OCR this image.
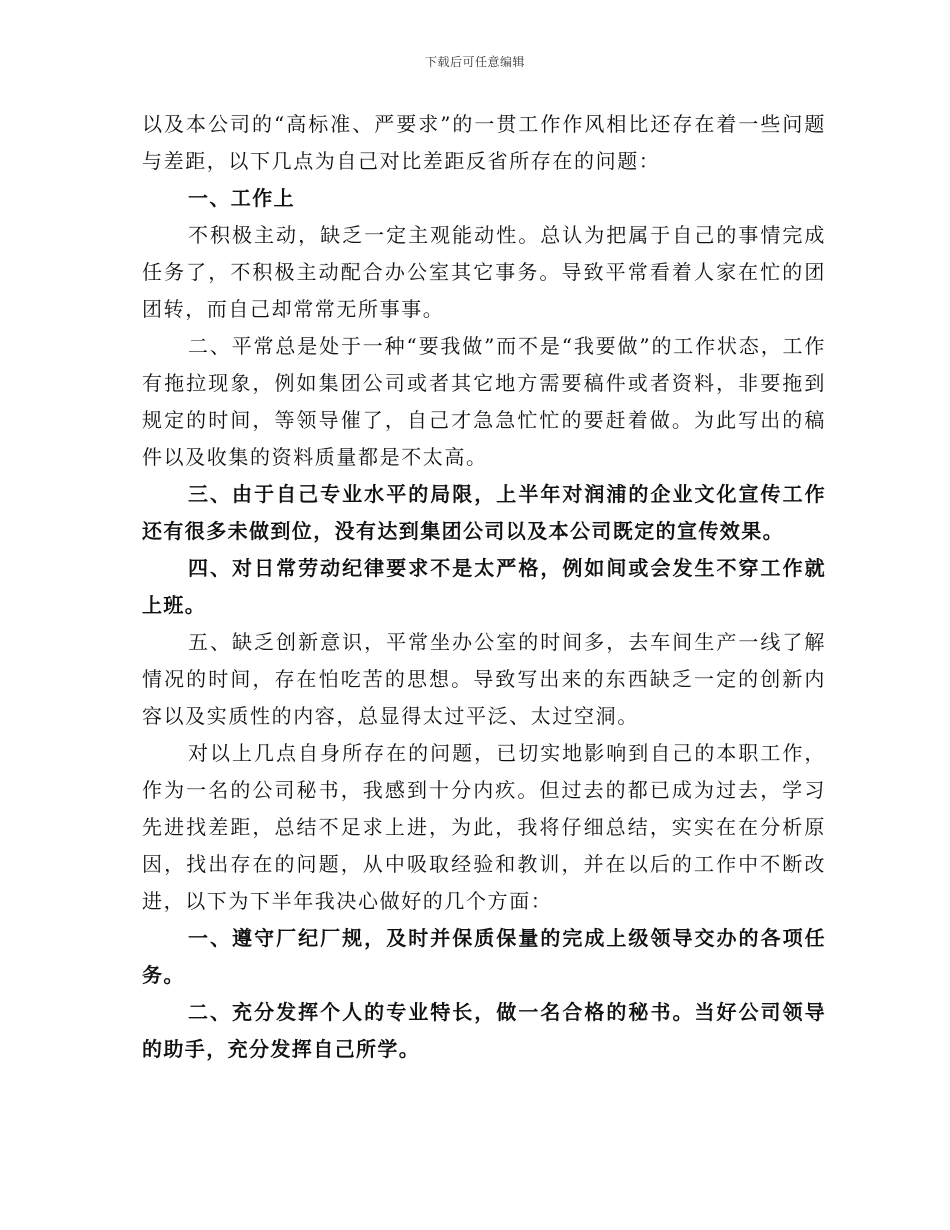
下载后可任意编辑

以及本公司的“高标准、严要求”的一贯工作作风相比还存在着一些问题与差距，以下几点为自己对比差距反省所存在的问题：

一、工作上

不积极主动，缺乏一定主观能动性。总认为把属于自己的事情完成任务了，不积极主动配合办公室其它事务。导致平常看着人家在忙的团团转，而自己却常常无所事事。

二、平常总是处于一种“要我做”而不是“我要做”的工作状态，工作有拖拉现象，例如集团公司或者其它地方需要稿件或者资料，非要拖到规定的时间，等领导催了，自己才急急忙忙的要赶着做。为此写出的稿件以及收集的资料质量都是不太高。

三、由于自己专业水平的局限，上半年对润浦的企业文化宣传工作还有很多未做到位，没有达到集团公司以及本公司既定的宣传效果。

四、对日常劳动纪律要求不是太严格，例如间或会发生不穿工作就上班。

五、缺乏创新意识，平常坐办公室的时间多，去车间生产一线了解情况的时间，存在怕吃苦的思想。导致写出来的东西缺乏一定的创新内容以及实质性的内容，总显得太过平泛、太过空洞。

对以上几点自身所存在的问题，已切实地影响到自己的本职工作，作为一名的公司秘书，我感到十分内疚。但过去的都已成为过去，学习先进找差距，总结不足求上进，为此，我将仔细总结，实实在在分析原因，找出存在的问题，从中吸取经验和教训，并在以后的工作中不断改进，以下为下半年我决心做好的几个方面：

一、遵守厂纪厂规，及时并保质保量的完成上级领导交办的各项任务。

二、充分发挥个人的专业特长，做一名合格的秘书。当好公司领导的助手，充分发挥自己所学。
